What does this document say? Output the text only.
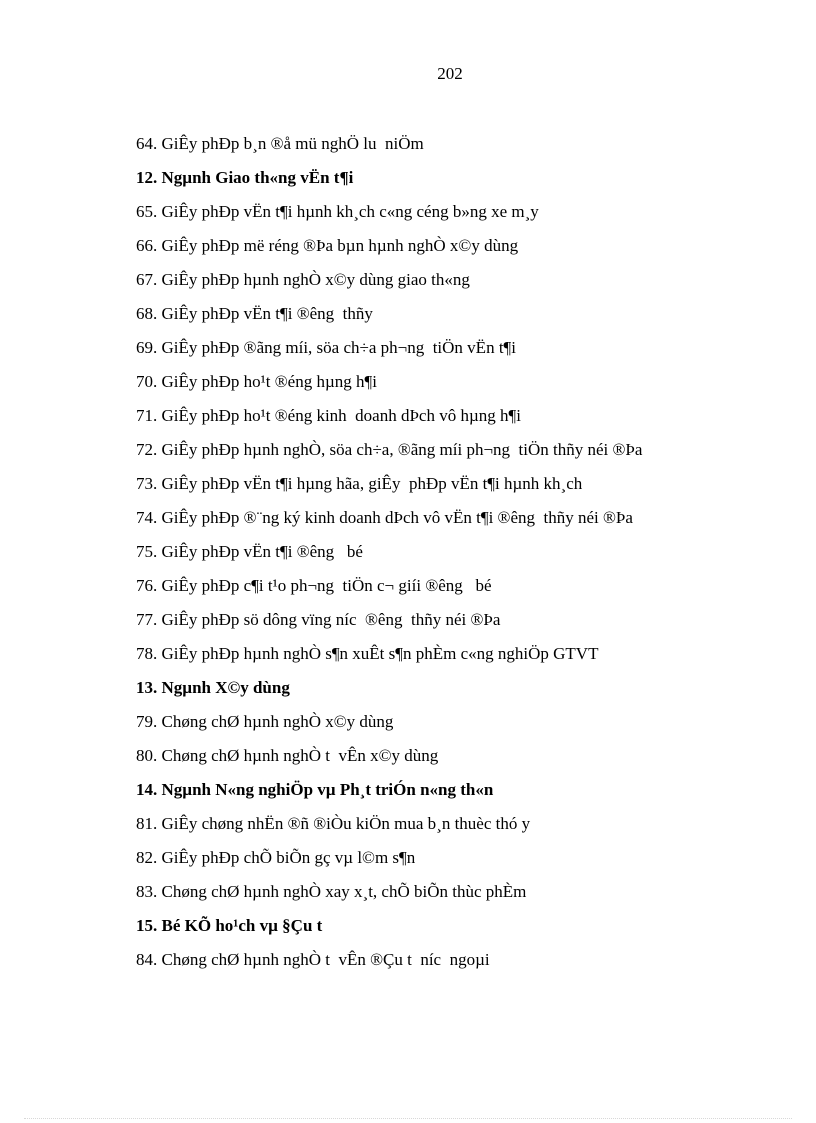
202
64. GiÊy phÐp b¸n ®å mü nghÖ lu  niÖm
12. Ngµnh Giao th«ng vËn t¶i
65. GiÊy phÐp vËn t¶i hµnh kh¸ch c«ng céng b»ng xe m¸y
66. GiÊy phÐp më réng ®Þa bµn hµnh nghÒ x©y dùng
67. GiÊy phÐp hµnh nghÒ x©y dùng giao th«ng
68. GiÊy phÐp vËn t¶i ®êng  thñy
69. GiÊy phÐp ®ãng míi, söa ch÷a ph¬ng  tiÖn vËn t¶i
70. GiÊy phÐp ho¹t ®éng hµng h¶i
71. GiÊy phÐp ho¹t ®éng kinh  doanh dÞch vô hµng h¶i
72. GiÊy phÐp hµnh nghÒ, söa ch÷a, ®ãng míi ph¬ng  tiÖn thñy néi ®Þa
73. GiÊy phÐp vËn t¶i hµng hãa, giÊy  phÐp vËn t¶i hµnh kh¸ch
74. GiÊy phÐp ®¨ng ký kinh doanh dÞch vô vËn t¶i ®êng  thñy néi ®Þa
75. GiÊy phÐp vËn t¶i ®êng   bé
76. GiÊy phÐp c¶i t¹o ph¬ng  tiÖn c¬ giíi ®êng   bé
77. GiÊy phÐp sö dông vïng níc  ®êng  thñy néi ®Þa
78. GiÊy phÐp hµnh nghÒ s¶n xuÊt s¶n phÈm c«ng nghiÖp GTVT
13. Ngµnh X©y dùng
79. Chøng chØ hµnh nghÒ x©y dùng
80. Chøng chØ hµnh nghÒ t  vÊn x©y dùng
14. Ngµnh N«ng nghiÖp vµ Ph¸t triÓn n«ng th«n
81. GiÊy chøng nhËn ®ñ ®iÒu kiÖn mua b¸n thuèc thó y
82. GiÊy phÐp chÕ biÕn gç vµ l©m s¶n
83. Chøng chØ hµnh nghÒ xay x¸t, chÕ biÕn thùc phÈm
15. Bé KÕ ho¹ch vµ §Çu t
84. Chøng chØ hµnh nghÒ t  vÊn ®Çu t  níc  ngoµi
